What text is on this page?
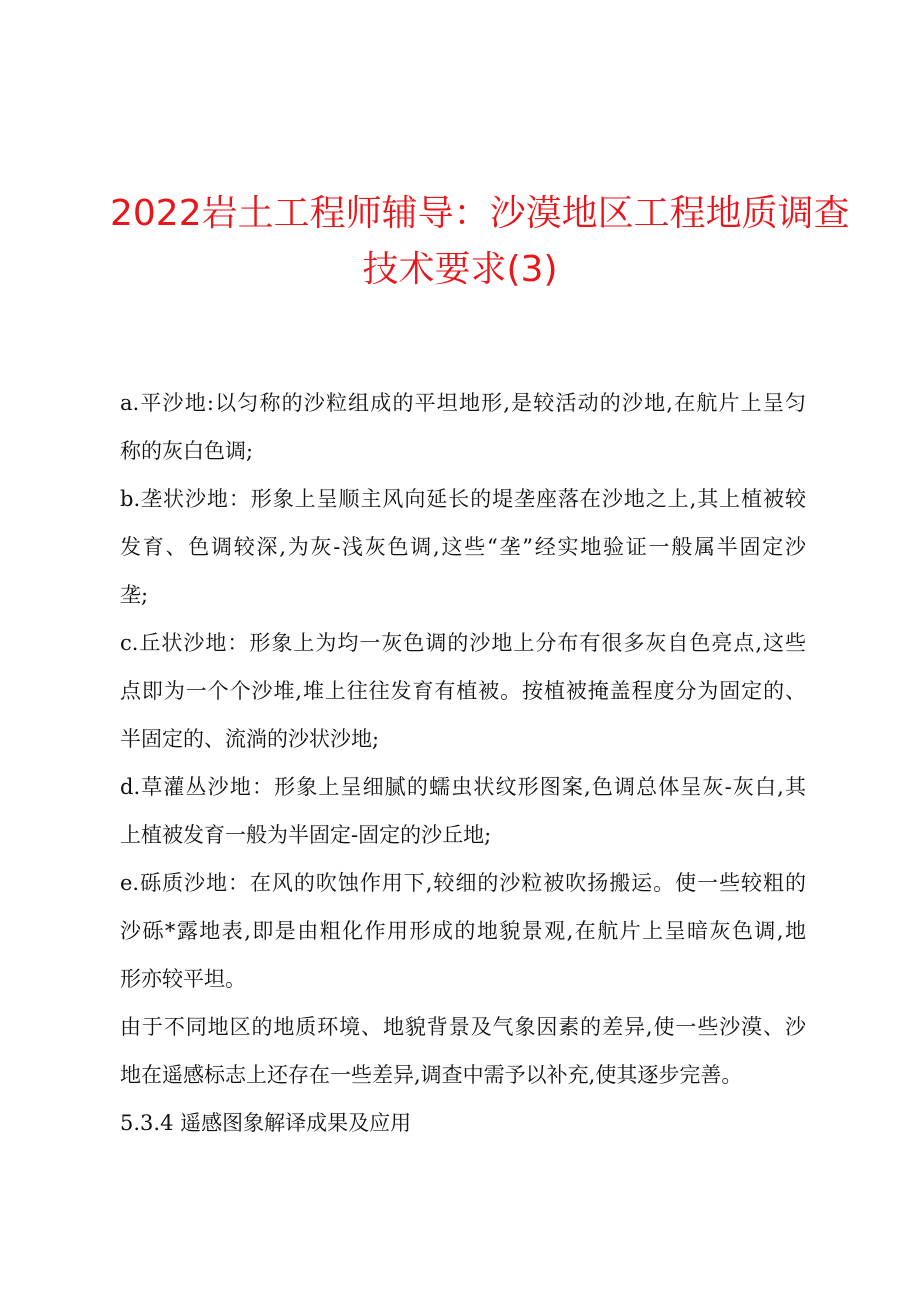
2022岩土工程师辅导：沙漠地区工程地质调查
技术要求(3)
a.平沙地:以匀称的沙粒组成的平坦地形,是较活动的沙地,在航片上呈匀
称的灰白色调;
b.垄状沙地：形象上呈顺主风向延长的堤垄座落在沙地之上,其上植被较
发育、色调较深,为灰-浅灰色调,这些“垄”经实地验证一般属半固定沙
垄;
c.丘状沙地：形象上为均一灰色调的沙地上分布有很多灰自色亮点,这些
点即为一个个沙堆,堆上往往发育有植被。按植被掩盖程度分为固定的、
半固定的、流淌的沙状沙地;
d.草灌丛沙地：形象上呈细腻的蠕虫状纹形图案,色调总体呈灰-灰白,其
上植被发育一般为半固定-固定的沙丘地;
e.砾质沙地：在风的吹蚀作用下,较细的沙粒被吹扬搬运。使一些较粗的
沙砾*露地表,即是由粗化作用形成的地貌景观,在航片上呈暗灰色调,地
形亦较平坦。
由于不同地区的地质环境、地貌背景及气象因素的差异,使一些沙漠、沙
地在遥感标志上还存在一些差异,调查中需予以补充,使其逐步完善。
5.3.4 遥感图象解译成果及应用
